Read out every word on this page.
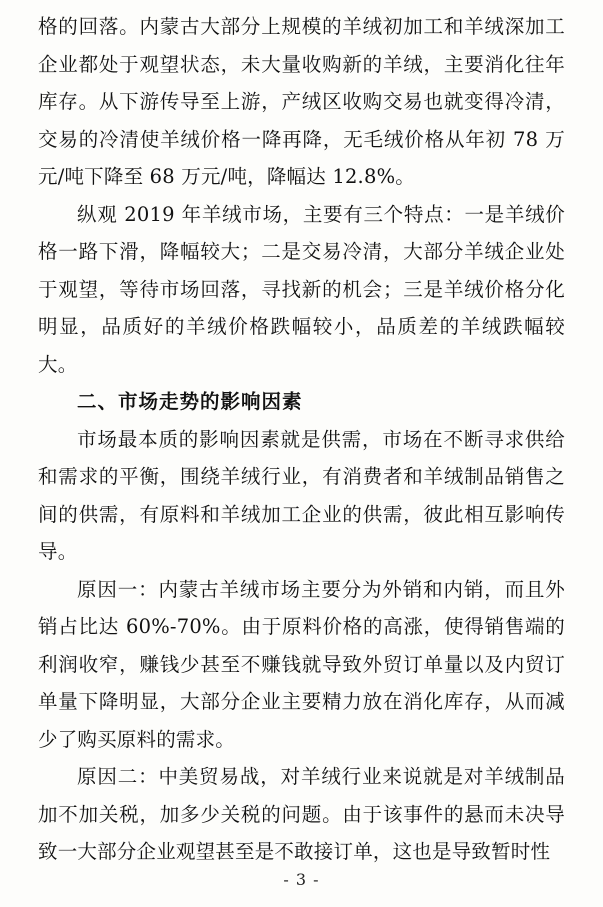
格的回落。内蒙古大部分上规模的羊绒初加工和羊绒深加工企业都处于观望状态，未大量收购新的羊绒，主要消化往年库存。从下游传导至上游，产绒区收购交易也就变得冷清，交易的冷清使羊绒价格一降再降，无毛绒价格从年初 78 万元/吨下降至 68 万元/吨，降幅达 12.8%。

纵观 2019 年羊绒市场，主要有三个特点：一是羊绒价格一路下滑，降幅较大；二是交易冷清，大部分羊绒企业处于观望，等待市场回落，寻找新的机会；三是羊绒价格分化明显，品质好的羊绒价格跌幅较小，品质差的羊绒跌幅较大。

二、市场走势的影响因素

市场最本质的影响因素就是供需，市场在不断寻求供给和需求的平衡，围绕羊绒行业，有消费者和羊绒制品销售之间的供需，有原料和羊绒加工企业的供需，彼此相互影响传导。

原因一：内蒙古羊绒市场主要分为外销和内销，而且外销占比达 60%-70%。由于原料价格的高涨，使得销售端的利润收窄，赚钱少甚至不赚钱就导致外贸订单量以及内贸订单量下降明显，大部分企业主要精力放在消化库存，从而减少了购买原料的需求。

原因二：中美贸易战，对羊绒行业来说就是对羊绒制品加不加关税，加多少关税的问题。由于该事件的悬而未决导致一大部分企业观望甚至是不敢接订单，这也是导致暂时性

- 3 -
